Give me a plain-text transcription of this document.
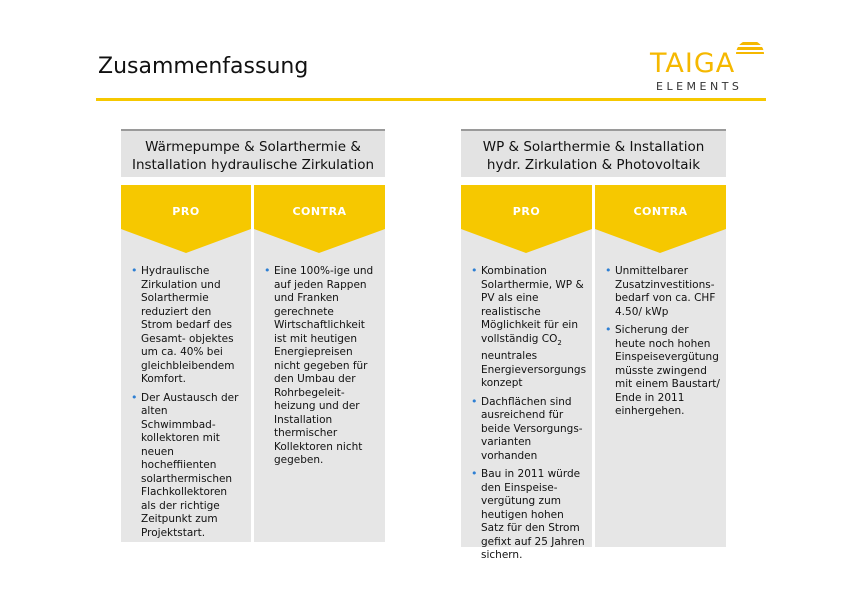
Zusammenfassung	TAIGA
ELEMENTS
Wärmepumpe & Solarthermie &
Installation hydraulische Zirkulation
PRO
• Hydraulische Zirkulation und Solarthermie reduziert den Strom bedarf des Gesamt- objektes um ca. 40% bei gleichbleibendem Komfort.
• Der Austausch der alten Schwimmbad- kollektoren mit neuen hocheffiienten solarthermischen Flachkollektoren als der richtige Zeitpunkt zum Projektstart.
CONTRA
• Eine 100%-ige und auf jeden Rappen und Franken gerechnete Wirtschaftlichkeit ist mit heutigen Energiepreisen nicht gegeben für den Umbau der Rohrbegeleit- heizung und der Installation thermischer Kollektoren nicht gegeben.
WP & Solarthermie & Installation
hydr. Zirkulation & Photovoltaik
PRO
• Kombination Solarthermie, WP & PV als eine realistische Möglichkeit für ein vollständig $CO_2$ neuntrales Energieversorgungs konzept
• Dachflächen sind ausreichend für beide Versorgungs- varianten vorhanden
• Bau in 2011 würde den Einspeise- vergütung zum heutigen hohen Satz für den Strom gefixt auf 25 Jahren sichern.
CONTRA
• Unmittelbarer Zusatzinvestitions- bedarf von ca. CHF 4.50/ kWp
• Sicherung der heute noch hohen Einspeisevergütung müsste zwingend mit einem Baustart/ Ende in 2011 einhergehen.
